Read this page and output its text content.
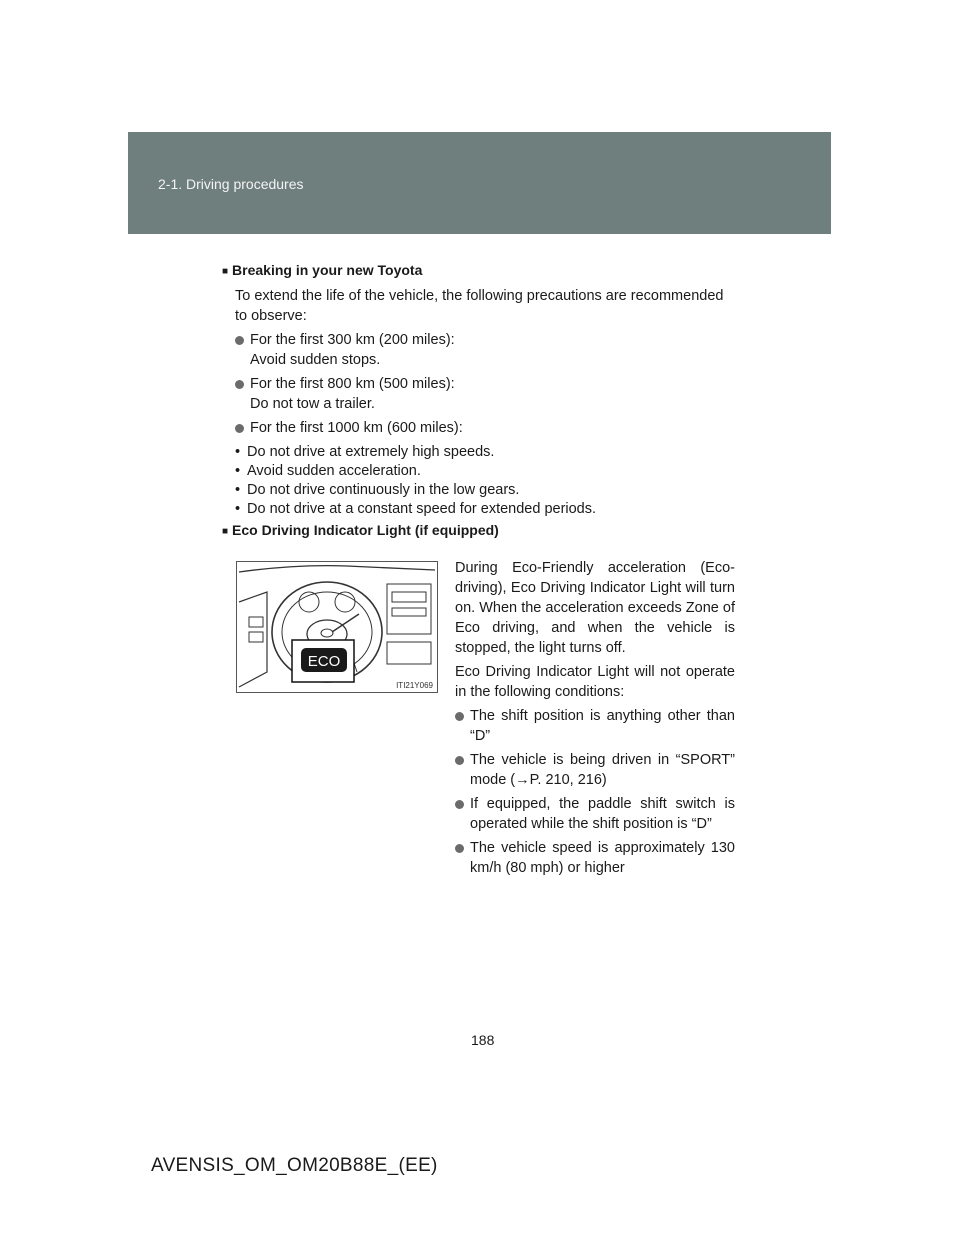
2-1. Driving procedures
■ Breaking in your new Toyota
To extend the life of the vehicle, the following precautions are recommended
to observe:
For the first 300 km (200 miles):
Avoid sudden stops.
For the first 800 km (500 miles):
Do not tow a trailer.
For the first 1000 km (600 miles):
• Do not drive at extremely high speeds.
• Avoid sudden acceleration.
• Do not drive continuously in the low gears.
• Do not drive at a constant speed for extended periods.
■ Eco Driving Indicator Light (if equipped)
ECO
ITI21Y069
During Eco-Friendly acceleration (Eco-driving), Eco Driving Indicator Light will turn on. When the acceleration exceeds Zone of Eco driving, and when the vehicle is stopped, the light turns off.
Eco Driving Indicator Light will not operate in the following conditions:
The shift position is anything other than “D”
The vehicle is being driven in “SPORT” mode (→P. 210, 216)
If equipped, the paddle shift switch is operated while the shift position is “D”
The vehicle speed is approximately 130 km/h (80 mph) or higher
188
AVENSIS_OM_OM20B88E_(EE)
